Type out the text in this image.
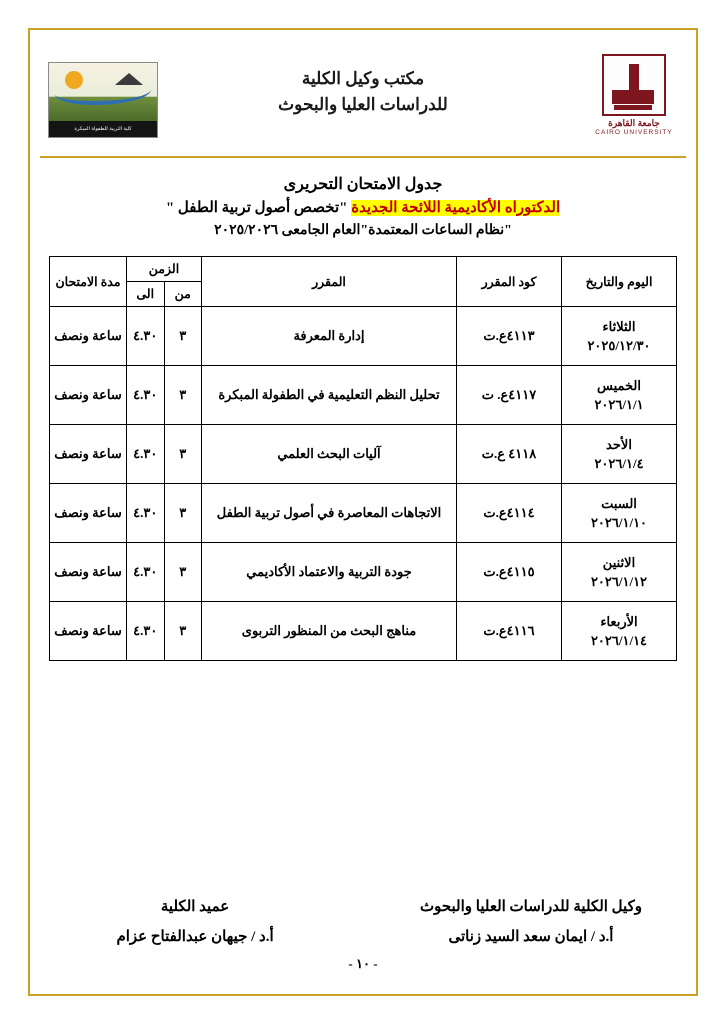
كلية التربية للطفولة المبكرة
مكتب وكيل الكلية
للدراسات العليا والبحوث
جامعة القاهرة
CAIRO UNIVERSITY
جدول الامتحان التحريرى
الدكتوراه الأكاديمية اللائحة الجديدة "تخصص أصول تربية الطفل "
"نظام الساعات المعتمدة"العام الجامعى ٢٠٢٥/٢٠٢٦
اليوم والتاريخ	كود المقرر	المقرر	الزمن		مدة الامتحان
			من	الى	

الثلاثاء
٢٠٢٥/١٢/٣٠	٤١١٣ع.ت	إدارة المعرفة	٣	٤.٣٠	ساعة ونصف

الخميس
٢٠٢٦/١/١	٤١١٧ع. ت	تحليل النظم التعليمية في الطفولة المبكرة	٣	٤.٣٠	ساعة ونصف

الأحد
٢٠٢٦/١/٤	٤١١٨ ع.ت	آليات البحث العلمي	٣	٤.٣٠	ساعة ونصف

السبت
٢٠٢٦/١/١٠	٤١١٤ع.ت	الاتجاهات المعاصرة في أصول تربية الطفل	٣	٤.٣٠	ساعة ونصف

الاثنين
٢٠٢٦/١/١٢	٤١١٥ع.ت	جودة التربية والاعتماد الأكاديمي	٣	٤.٣٠	ساعة ونصف

الأربعاء
٢٠٢٦/١/١٤	٤١١٦ع.ت	مناهج البحث من المنظور التربوى	٣	٤.٣٠	ساعة ونصف
وكيل الكلية للدراسات العليا والبحوث
أ.د / ايمان سعد السيد زناتى
عميد الكلية
أ.د / جيهان عبدالفتاح عزام
- ١٠ -
